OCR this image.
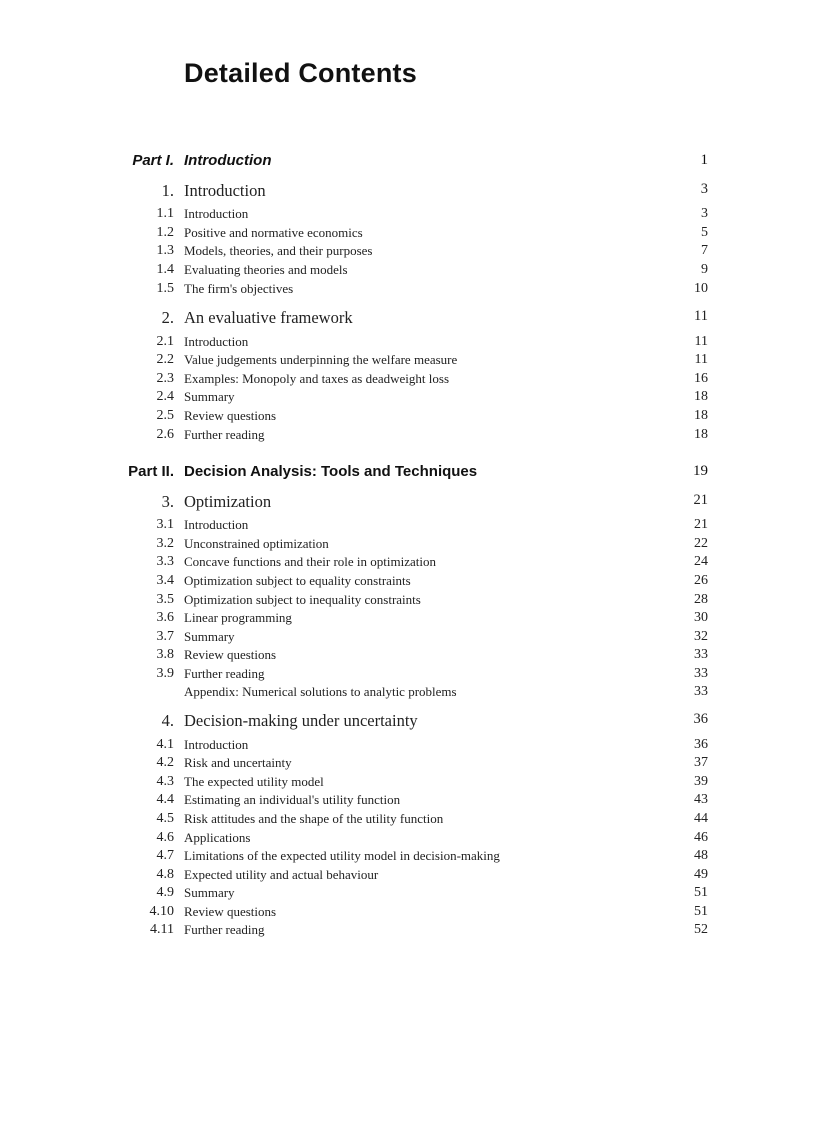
Detailed Contents
Part I. Introduction	1
1. Introduction	3
1.1 Introduction	3
1.2 Positive and normative economics	5
1.3 Models, theories, and their purposes	7
1.4 Evaluating theories and models	9
1.5 The firm's objectives	10
2. An evaluative framework	11
2.1 Introduction	11
2.2 Value judgements underpinning the welfare measure	11
2.3 Examples: Monopoly and taxes as deadweight loss	16
2.4 Summary	18
2.5 Review questions	18
2.6 Further reading	18
Part II. Decision Analysis: Tools and Techniques	19
3. Optimization	21
3.1 Introduction	21
3.2 Unconstrained optimization	22
3.3 Concave functions and their role in optimization	24
3.4 Optimization subject to equality constraints	26
3.5 Optimization subject to inequality constraints	28
3.6 Linear programming	30
3.7 Summary	32
3.8 Review questions	33
3.9 Further reading	33
Appendix: Numerical solutions to analytic problems	33
4. Decision-making under uncertainty	36
4.1 Introduction	36
4.2 Risk and uncertainty	37
4.3 The expected utility model	39
4.4 Estimating an individual's utility function	43
4.5 Risk attitudes and the shape of the utility function	44
4.6 Applications	46
4.7 Limitations of the expected utility model in decision-making	48
4.8 Expected utility and actual behaviour	49
4.9 Summary	51
4.10 Review questions	51
4.11 Further reading	52
